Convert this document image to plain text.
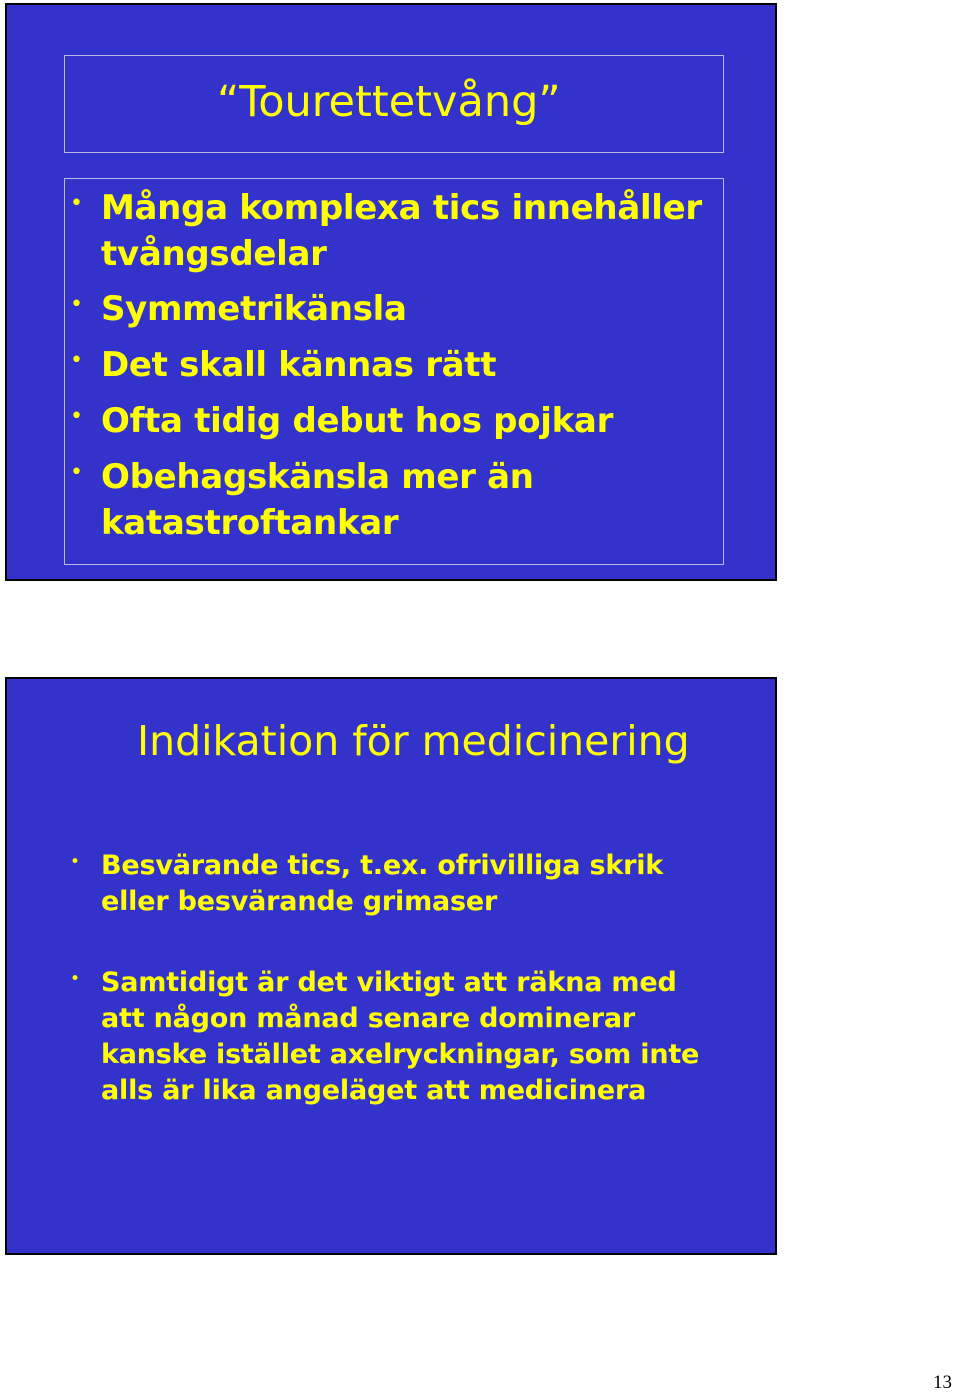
“Tourettetvång”
• Många komplexa tics innehåller
tvångsdelar
• Symmetrikänsla
• Det skall kännas rätt
• Ofta tidig debut hos pojkar
• Obehagskänsla mer än
katastroftankar
Indikation för medicinering
• Besvärande tics, t.ex. ofrivilliga skrik
eller besvärande grimaser
• Samtidigt är det viktigt att räkna med
att någon månad senare dominerar
kanske istället axelryckningar, som inte
alls är lika angeläget att medicinera
13
